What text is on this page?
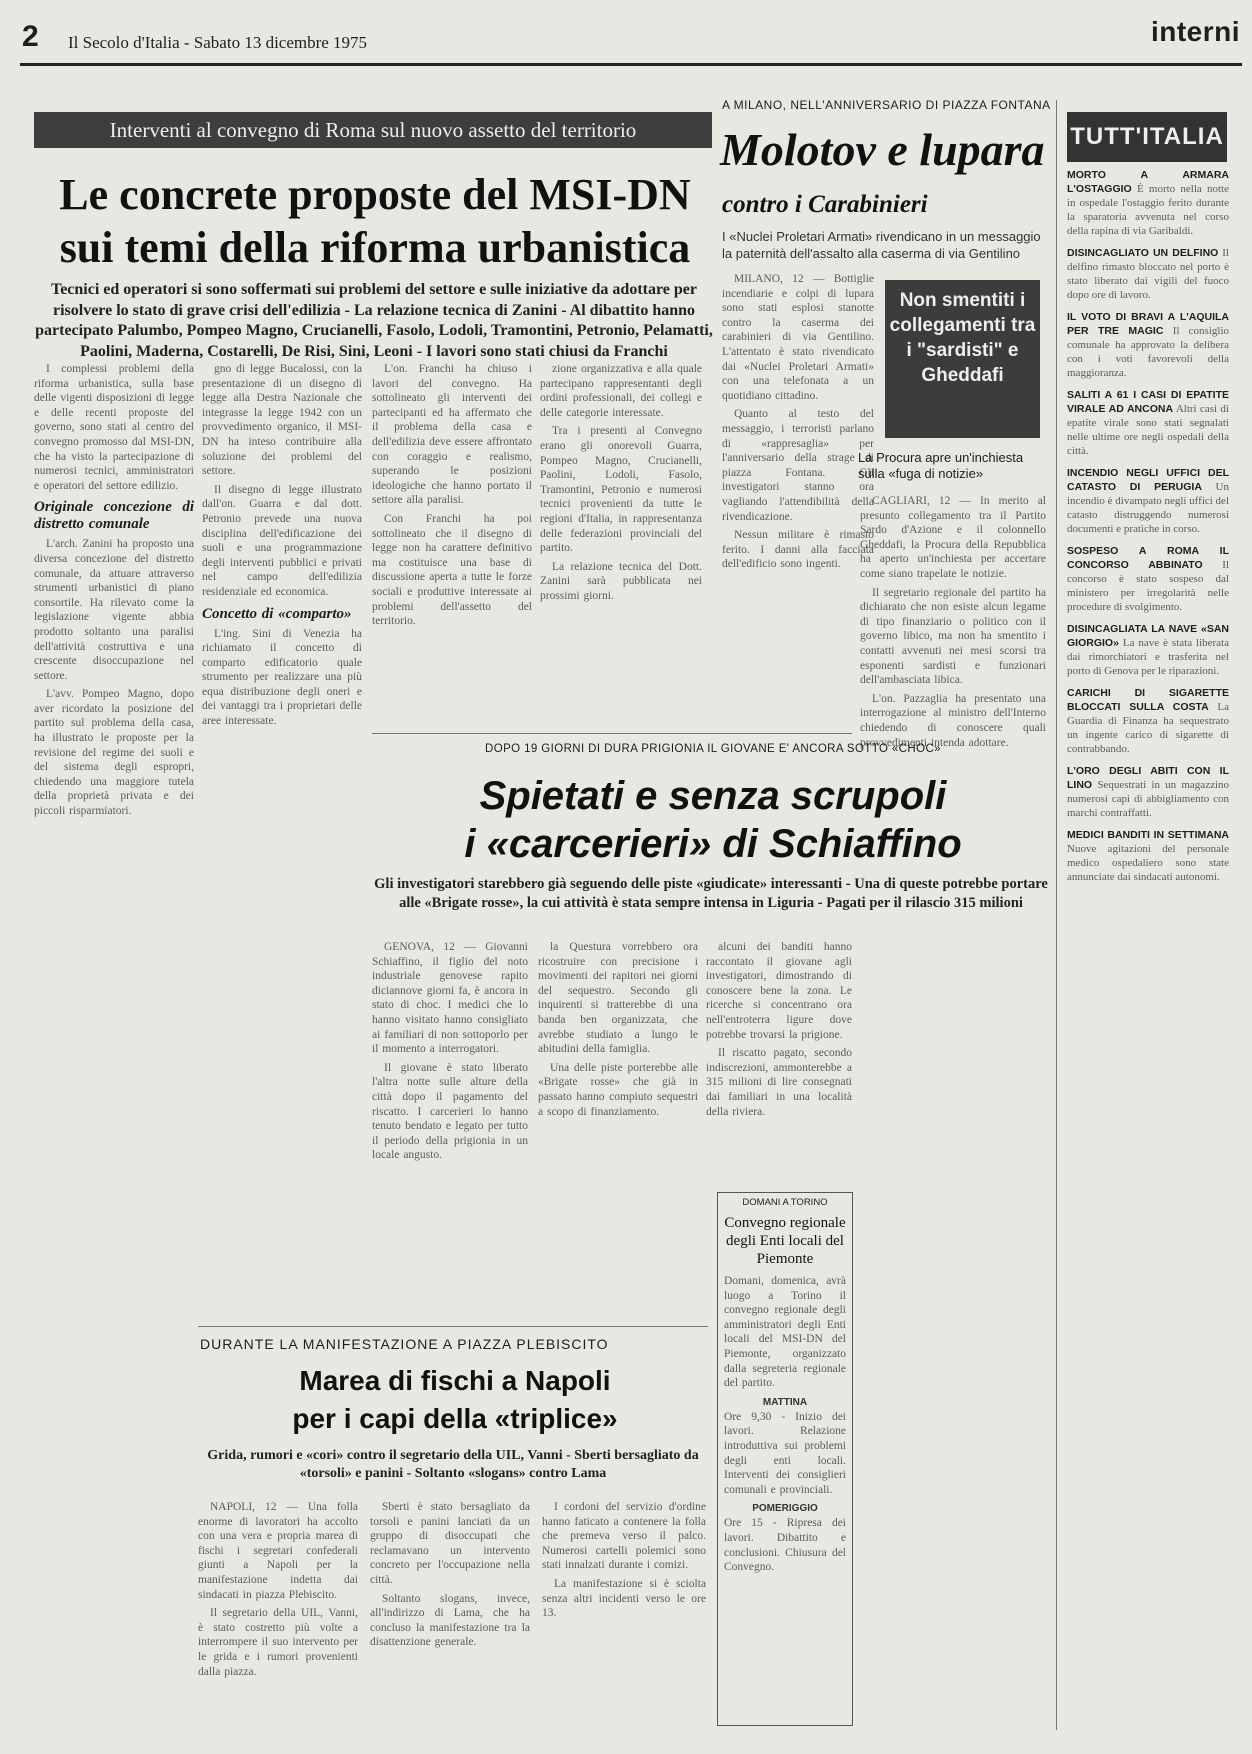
2 Il Secolo d'Italia - Sabato 13 dicembre 1975	interni
Interventi al convegno di Roma sul nuovo assetto del territorio
Le concrete proposte del MSI-DN
sui temi della riforma urbanistica
Tecnici ed operatori si sono soffermati sui problemi del settore e sulle iniziative da adottare per risolvere lo stato di grave crisi dell'edilizia - La relazione tecnica di Zanini - Al dibattito hanno partecipato Palumbo, Pompeo Magno, Crucianelli, Fasolo, Lodoli, Tramontini, Petronio, Pelamatti, Paolini, Maderna, Costarelli, De Risi, Sini, Leoni - I lavori sono stati chiusi da Franchi

I complessi problemi della riforma urbanistica, sulla base delle vigenti disposizioni di legge e delle recenti proposte del governo, sono stati al centro del convegno promosso dal MSI-DN, che ha visto la partecipazione di numerosi tecnici, amministratori e operatori del settore edilizio.

Originale concezione di distretto comunale

L'arch. Zanini ha proposto una diversa concezione del distretto comunale, da attuare attraverso strumenti urbanistici di piano consortile. Ha rilevato come la legislazione vigente abbia prodotto soltanto una paralisi dell'attività costruttiva e una crescente disoccupazione nel settore.

L'avv. Pompeo Magno, dopo aver ricordato la posizione del partito sul problema della casa, ha illustrato le proposte per la revisione del regime dei suoli e del sistema degli espropri, chiedendo una maggiore tutela della proprietà privata e dei piccoli risparmiatori.

gno di legge Bucalossi, con la presentazione di un disegno di legge alla Destra Nazionale che integrasse la legge 1942 con un provvedimento organico, il MSI-DN ha inteso contribuire alla soluzione dei problemi del settore.

Il disegno di legge illustrato dall'on. Guarra e dal dott. Petronio prevede una nuova disciplina dell'edificazione dei suoli e una programmazione degli interventi pubblici e privati nel campo dell'edilizia residenziale ed economica.

Concetto di «comparto»

L'ing. Sini di Venezia ha richiamato il concetto di comparto edificatorio quale strumento per realizzare una più equa distribuzione degli oneri e dei vantaggi tra i proprietari delle aree interessate.

L'on. Franchi ha chiuso i lavori del convegno. Ha sottolineato gli interventi dei partecipanti ed ha affermato che il problema della casa e dell'edilizia deve essere affrontato con coraggio e realismo, superando le posizioni ideologiche che hanno portato il settore alla paralisi.

Con Franchi ha poi sottolineato che il disegno di legge non ha carattere definitivo ma costituisce una base di discussione aperta a tutte le forze sociali e produttive interessate ai problemi dell'assetto del territorio.

zione organizzativa e alla quale partecipano rappresentanti degli ordini professionali, dei collegi e delle categorie interessate.

Tra i presenti al Convegno erano gli onorevoli Guarra, Pompeo Magno, Crucianelli, Paolini, Lodoli, Fasolo, Tramontini, Petronio e numerosi tecnici provenienti da tutte le regioni d'Italia, in rappresentanza delle federazioni provinciali del partito.

La relazione tecnica del Dott. Zanini sarà pubblicata nei prossimi giorni.

A MILANO, NELL'ANNIVERSARIO DI PIAZZA FONTANA
Molotov e lupara
contro i Carabinieri
I «Nuclei Proletari Armati» rivendicano in un messaggio la paternità dell'assalto alla caserma di via Gentilino

MILANO, 12 — Bottiglie incendiarie e colpi di lupara sono stati esplosi stanotte contro la caserma dei carabinieri di via Gentilino. L'attentato è stato rivendicato dai «Nuclei Proletari Armati» con una telefonata a un quotidiano cittadino.

Quanto al testo del messaggio, i terroristi parlano di «rappresaglia» per l'anniversario della strage di piazza Fontana. Gli investigatori stanno ora vagliando l'attendibilità della rivendicazione.

Nessun militare è rimasto ferito. I danni alla facciata dell'edificio sono ingenti.

Non smentiti i collegamenti tra i "sardisti" e Gheddafi
La Procura apre un'inchiesta sulla «fuga di notizie»

CAGLIARI, 12 — In merito al presunto collegamento tra il Partito Sardo d'Azione e il colonnello Gheddafi, la Procura della Repubblica ha aperto un'inchiesta per accertare come siano trapelate le notizie.

Il segretario regionale del partito ha dichiarato che non esiste alcun legame di tipo finanziario o politico con il governo libico, ma non ha smentito i contatti avvenuti nei mesi scorsi tra esponenti sardisti e funzionari dell'ambasciata libica.

L'on. Pazzaglia ha presentato una interrogazione al ministro dell'Interno chiedendo di conoscere quali provvedimenti intenda adottare.

TUTT'ITALIA
MORTO A ARMARA L'OSTAGGIO È morto nella notte in ospedale l'ostaggio ferito durante la sparatoria avvenuta nel corso della rapina di via Garibaldi.
DISINCAGLIATO UN DELFINO Il delfino rimasto bloccato nel porto è stato liberato dai vigili del fuoco dopo ore di lavoro.
IL VOTO DI BRAVI A L'AQUILA PER TRE MAGIC Il consiglio comunale ha approvato la delibera con i voti favorevoli della maggioranza.
SALITI A 61 I CASI DI EPATITE VIRALE AD ANCONA Altri casi di epatite virale sono stati segnalati nelle ultime ore negli ospedali della città.
INCENDIO NEGLI UFFICI DEL CATASTO DI PERUGIA Un incendio è divampato negli uffici del catasto distruggendo numerosi documenti e pratiche in corso.
SOSPESO A ROMA IL CONCORSO ABBINATO Il concorso è stato sospeso dal ministero per irregolarità nelle procedure di svolgimento.
DISINCAGLIATA LA NAVE «SAN GIORGIO» La nave è stata liberata dai rimorchiatori e trasferita nel porto di Genova per le riparazioni.
CARICHI DI SIGARETTE BLOCCATI SULLA COSTA La Guardia di Finanza ha sequestrato un ingente carico di sigarette di contrabbando.
L'ORO DEGLI ABITI CON IL LINO Sequestrati in un magazzino numerosi capi di abbigliamento con marchi contraffatti.
MEDICI BANDITI IN SETTIMANA Nuove agitazioni del personale medico ospedaliero sono state annunciate dai sindacati autonomi.
DOPO 19 GIORNI DI DURA PRIGIONIA IL GIOVANE E' ANCORA SOTTO «CHOC»
Spietati e senza scrupoli
i «carcerieri» di Schiaffino
Gli investigatori starebbero già seguendo delle piste «giudicate» interessanti - Una di queste potrebbe portare alle «Brigate rosse», la cui attività è stata sempre intensa in Liguria - Pagati per il rilascio 315 milioni

GENOVA, 12 — Giovanni Schiaffino, il figlio del noto industriale genovese rapito diciannove giorni fa, è ancora in stato di choc. I medici che lo hanno visitato hanno consigliato ai familiari di non sottoporlo per il momento a interrogatori.

Il giovane è stato liberato l'altra notte sulle alture della città dopo il pagamento del riscatto. I carcerieri lo hanno tenuto bendato e legato per tutto il periodo della prigionia in un locale angusto.

la Questura vorrebbero ora ricostruire con precisione i movimenti dei rapitori nei giorni del sequestro. Secondo gli inquirenti si tratterebbe di una banda ben organizzata, che avrebbe studiato a lungo le abitudini della famiglia.

Una delle piste porterebbe alle «Brigate rosse» che già in passato hanno compiuto sequestri a scopo di finanziamento.

alcuni dei banditi hanno raccontato il giovane agli investigatori, dimostrando di conoscere bene la zona. Le ricerche si concentrano ora nell'entroterra ligure dove potrebbe trovarsi la prigione.

Il riscatto pagato, secondo indiscrezioni, ammonterebbe a 315 milioni di lire consegnati dai familiari in una località della riviera.

DOMANI A TORINO
Convegno regionale degli Enti locali del Piemonte
Domani, domenica, avrà luogo a Torino il convegno regionale degli amministratori degli Enti locali del MSI-DN del Piemonte, organizzato dalla segreteria regionale del partito.
MATTINA
Ore 9,30 - Inizio dei lavori. Relazione introduttiva sui problemi degli enti locali. Interventi dei consiglieri comunali e provinciali.
POMERIGGIO
Ore 15 - Ripresa dei lavori. Dibattito e conclusioni. Chiusura del Convegno.
DURANTE LA MANIFESTAZIONE A PIAZZA PLEBISCITO
Marea di fischi a Napoli
per i capi della «triplice»
Grida, rumori e «cori» contro il segretario della UIL, Vanni - Sberti bersagliato da «torsoli» e panini - Soltanto «slogans» contro Lama

NAPOLI, 12 — Una folla enorme di lavoratori ha accolto con una vera e propria marea di fischi i segretari confederali giunti a Napoli per la manifestazione indetta dai sindacati in piazza Plebiscito.

Il segretario della UIL, Vanni, è stato costretto più volte a interrompere il suo intervento per le grida e i rumori provenienti dalla piazza.

Sberti è stato bersagliato da torsoli e panini lanciati da un gruppo di disoccupati che reclamavano un intervento concreto per l'occupazione nella città.

Soltanto slogans, invece, all'indirizzo di Lama, che ha concluso la manifestazione tra la disattenzione generale.

I cordoni del servizio d'ordine hanno faticato a contenere la folla che premeva verso il palco. Numerosi cartelli polemici sono stati innalzati durante i comizi.

La manifestazione si è sciolta senza altri incidenti verso le ore 13.
